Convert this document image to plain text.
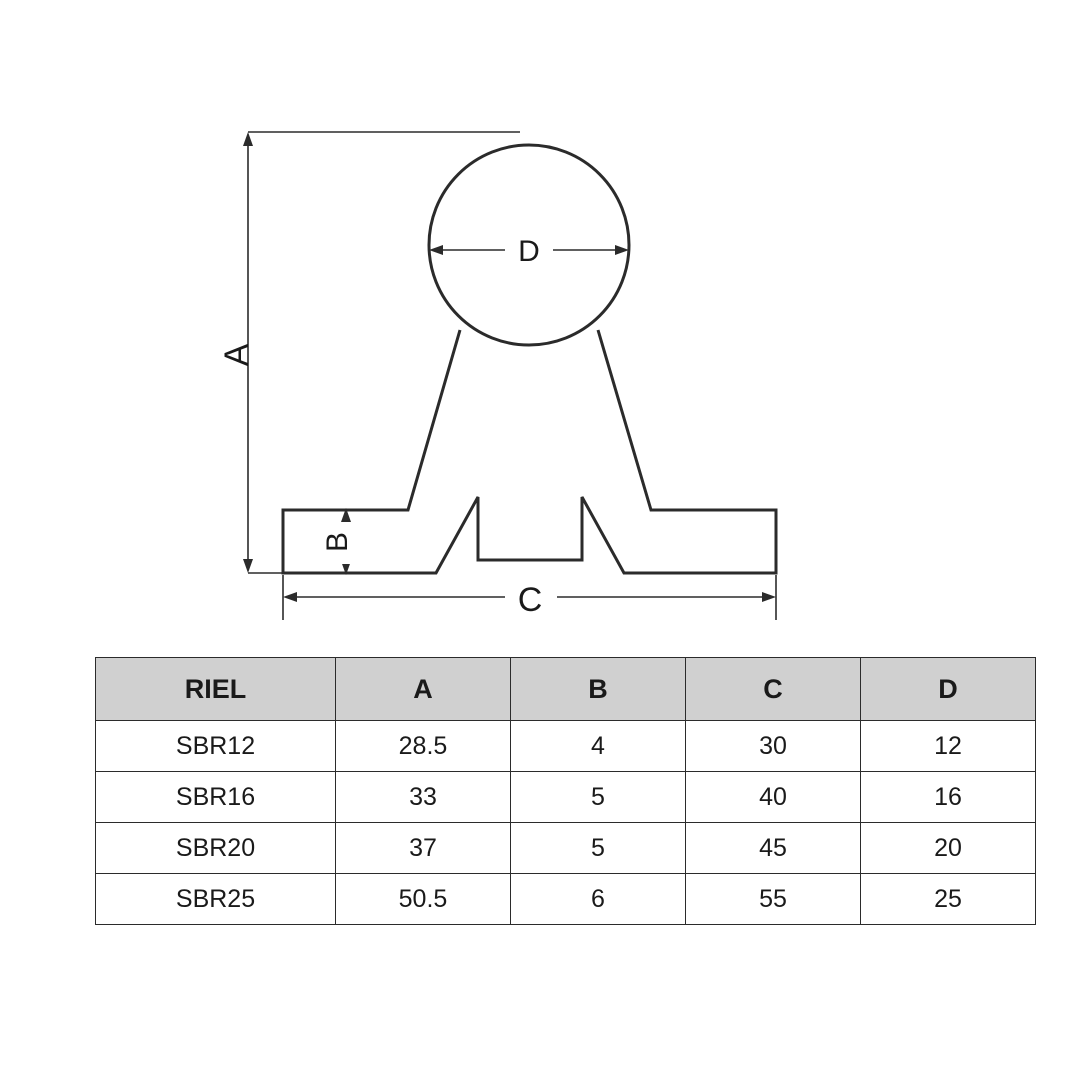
A
D
B
C
RIEL	A	B	C	D
SBR12	28.5	4	30	12
SBR16	33	5	40	16
SBR20	37	5	45	20
SBR25	50.5	6	55	25
